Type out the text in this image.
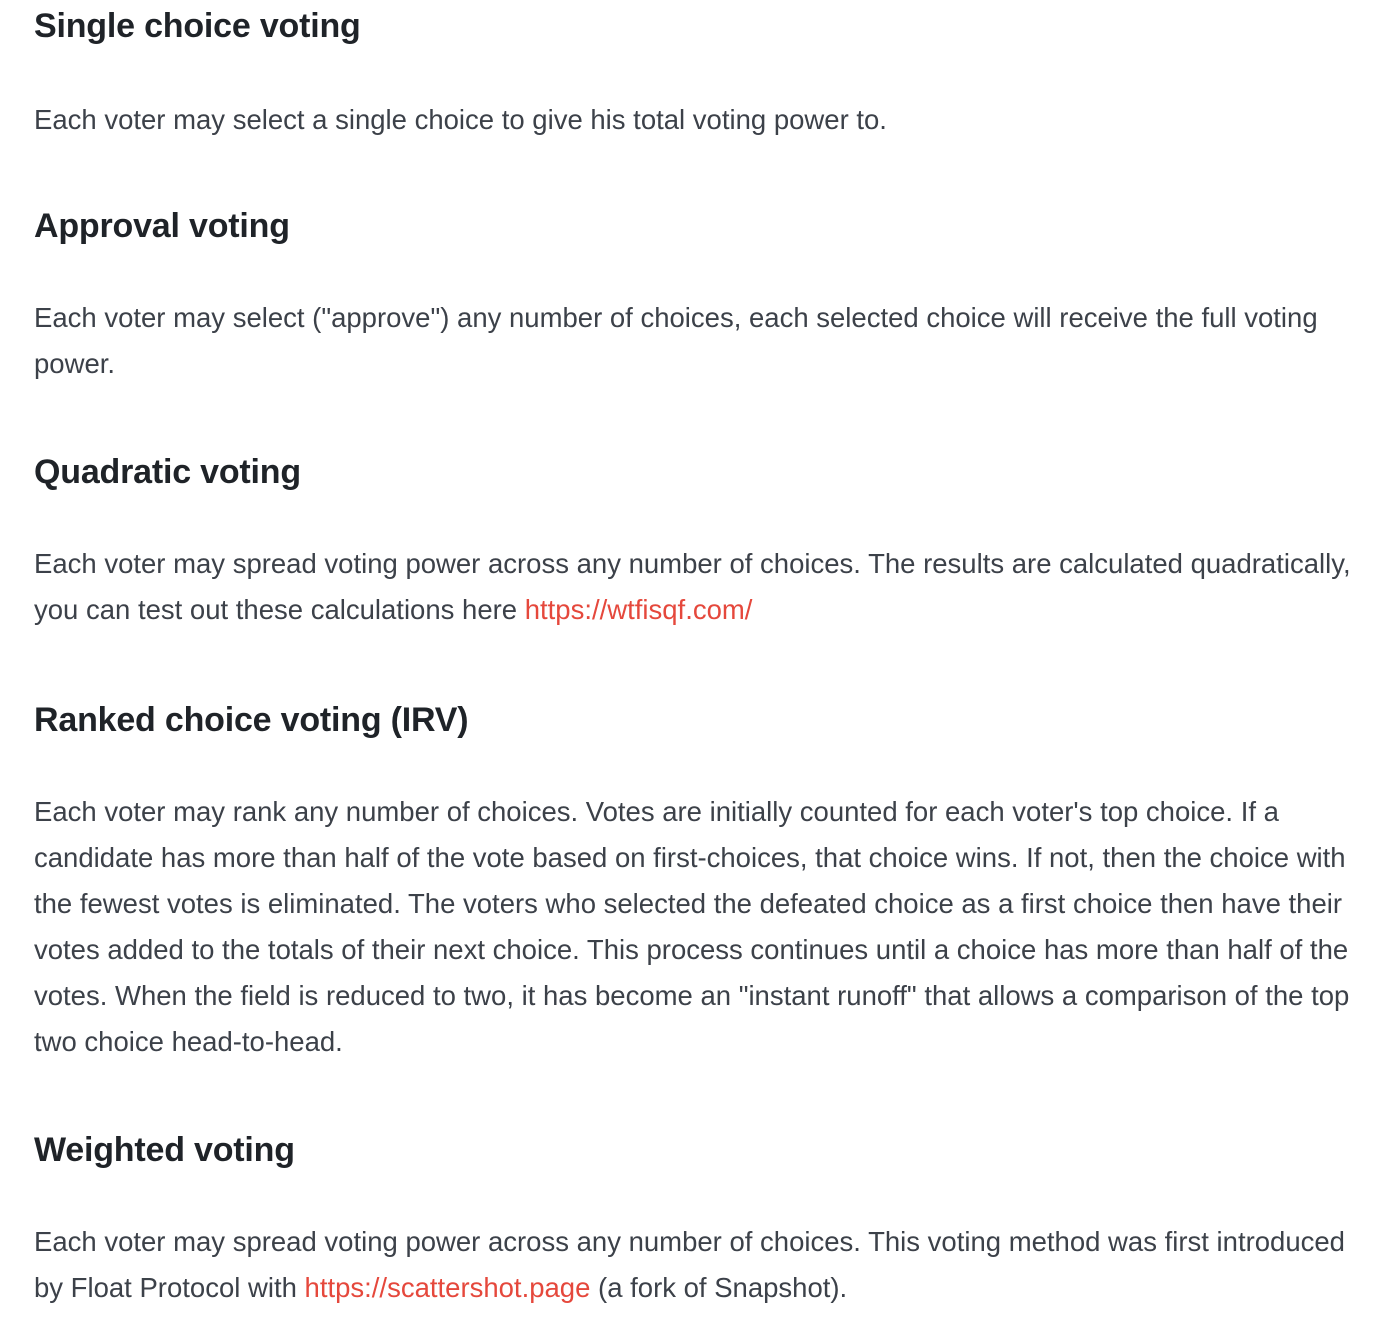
Single choice voting

Each voter may select a single choice to give his total voting power to.

Approval voting

Each voter may select ("approve") any number of choices, each selected choice will receive the full voting power.

Quadratic voting

Each voter may spread voting power across any number of choices. The results are calculated quadratically, you can test out these calculations here https://wtfisqf.com/

Ranked choice voting (IRV)

Each voter may rank any number of choices. Votes are initially counted for each voter's top choice. If a candidate has more than half of the vote based on first-choices, that choice wins. If not, then the choice with the fewest votes is eliminated. The voters who selected the defeated choice as a first choice then have their votes added to the totals of their next choice. This process continues until a choice has more than half of the votes. When the field is reduced to two, it has become an "instant runoff" that allows a comparison of the top two choice head-to-head.

Weighted voting

Each voter may spread voting power across any number of choices. This voting method was first introduced by Float Protocol with https://scattershot.page (a fork of Snapshot).
